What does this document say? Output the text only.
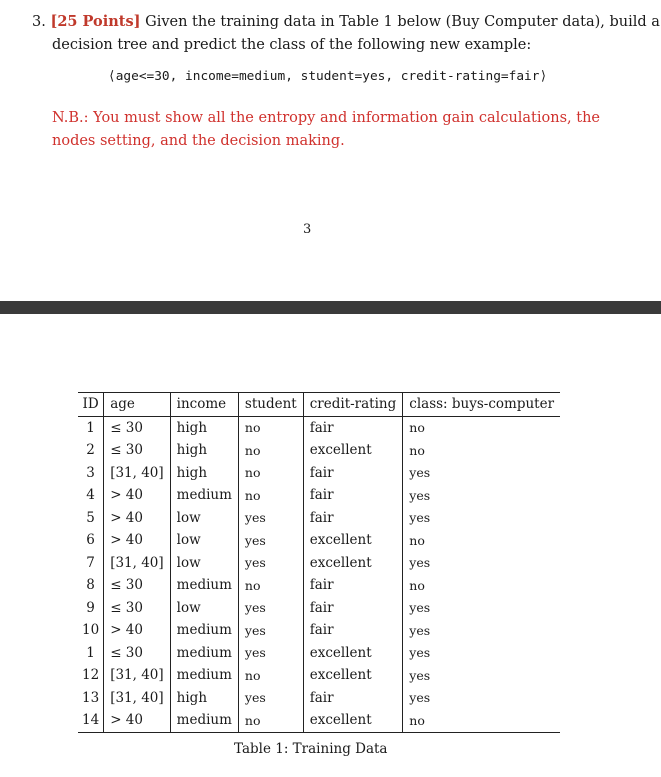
3. [25 Points] Given the training data in Table 1 below (Buy Computer data), build a
decision tree and predict the class of the following new example:
⟨age<=30, income=medium, student=yes, credit-rating=fair⟩
N.B.: You must show all the entropy and information gain calculations, the nodes setting, and the decision making.
3
ID	age	income	student	credit-rating	class: buys-computer
1	≤ 30	high	no	fair	no
2	≤ 30	high	no	excellent	no
3	[31, 40]	high	no	fair	yes
4	> 40	medium	no	fair	yes
5	> 40	low	yes	fair	yes
6	> 40	low	yes	excellent	no
7	[31, 40]	low	yes	excellent	yes
8	≤ 30	medium	no	fair	no
9	≤ 30	low	yes	fair	yes
10	> 40	medium	yes	fair	yes
1	≤ 30	medium	yes	excellent	yes
12	[31, 40]	medium	no	excellent	yes
13	[31, 40]	high	yes	fair	yes
14	> 40	medium	no	excellent	no
Table 1: Training Data
